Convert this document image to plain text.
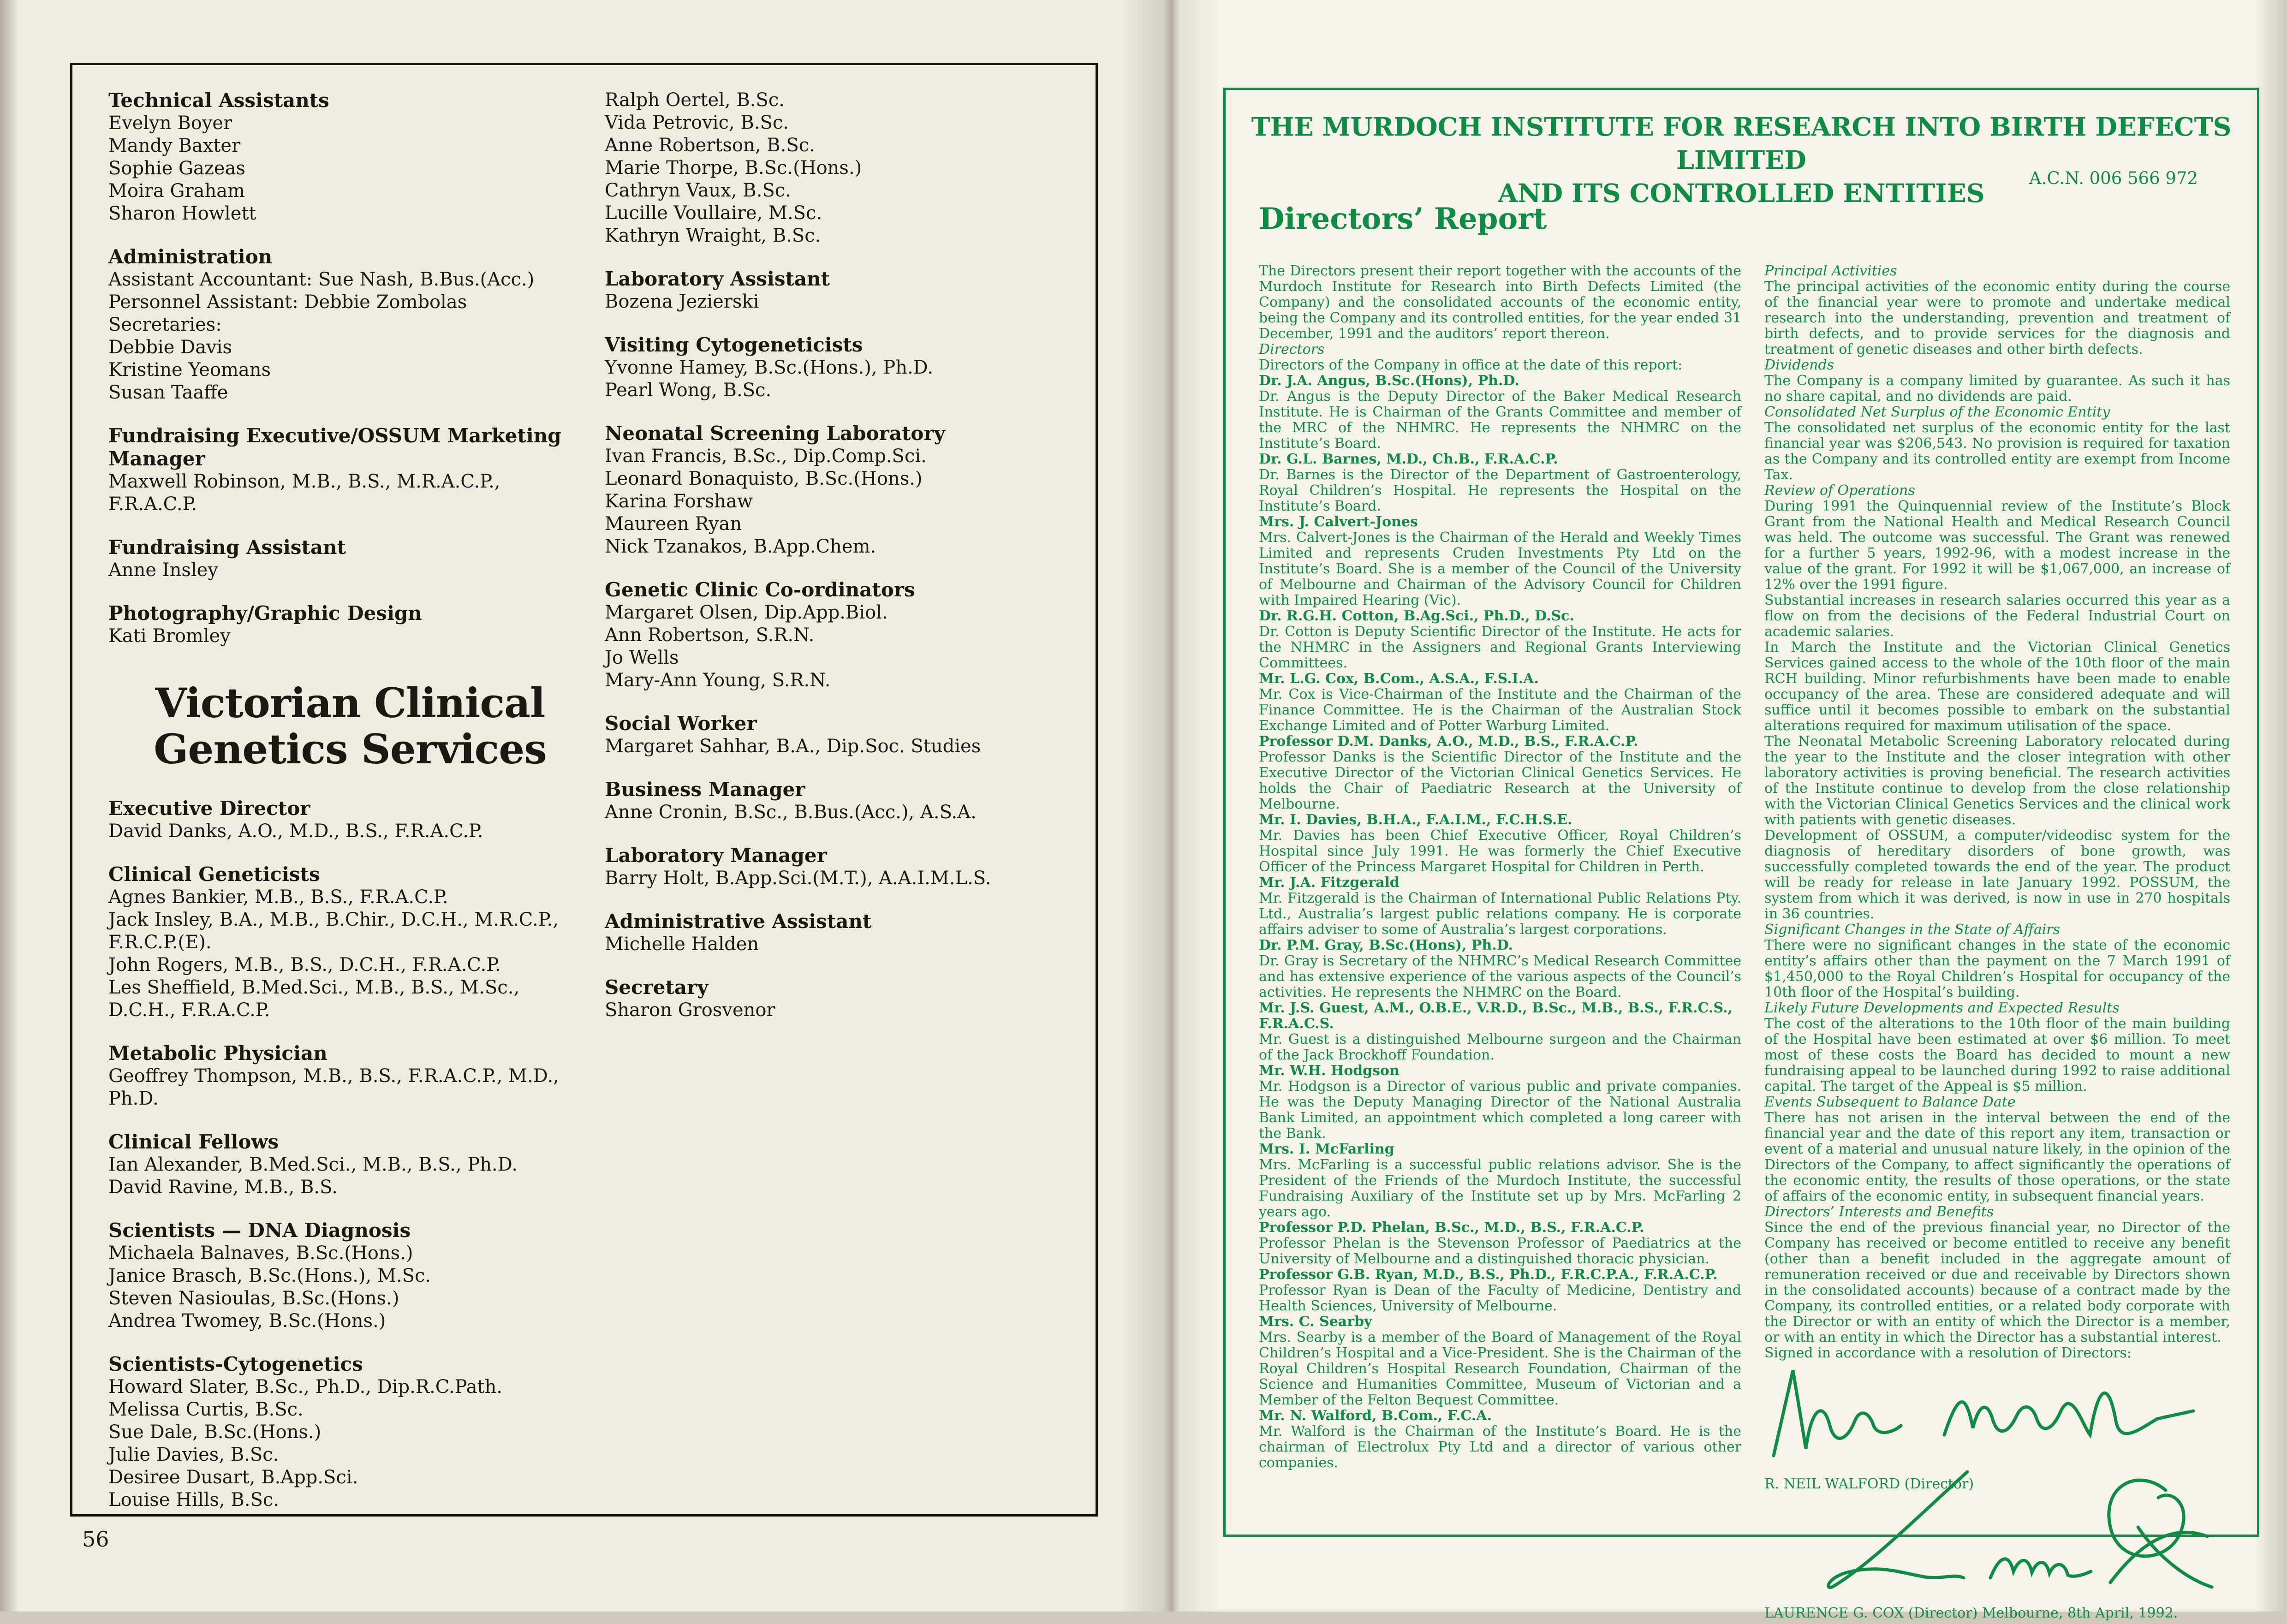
Technical Assistants
Evelyn Boyer
Mandy Baxter
Sophie Gazeas
Moira Graham
Sharon Howlett
Administration
Assistant Accountant: Sue Nash, B.Bus.(Acc.)
Personnel Assistant: Debbie Zombolas
Secretaries:
Debbie Davis
Kristine Yeomans
Susan Taaffe
Fundraising Executive/OSSUM Marketing Manager
Maxwell Robinson, M.B., B.S., M.R.A.C.P., F.R.A.C.P.
Fundraising Assistant
Anne Insley
Photography/Graphic Design
Kati Bromley
Victorian Clinical Genetics Services
Executive Director
David Danks, A.O., M.D., B.S., F.R.A.C.P.
Clinical Geneticists
Agnes Bankier, M.B., B.S., F.R.A.C.P.
Jack Insley, B.A., M.B., B.Chir., D.C.H., M.R.C.P., F.R.C.P.(E).
John Rogers, M.B., B.S., D.C.H., F.R.A.C.P.
Les Sheffield, B.Med.Sci., M.B., B.S., M.Sc., D.C.H., F.R.A.C.P.
Metabolic Physician
Geoffrey Thompson, M.B., B.S., F.R.A.C.P., M.D., Ph.D.
Clinical Fellows
Ian Alexander, B.Med.Sci., M.B., B.S., Ph.D.
David Ravine, M.B., B.S.
Scientists — DNA Diagnosis
Michaela Balnaves, B.Sc.(Hons.)
Janice Brasch, B.Sc.(Hons.), M.Sc.
Steven Nasioulas, B.Sc.(Hons.)
Andrea Twomey, B.Sc.(Hons.)
Scientists-Cytogenetics
Howard Slater, B.Sc., Ph.D., Dip.R.C.Path.
Melissa Curtis, B.Sc.
Sue Dale, B.Sc.(Hons.)
Julie Davies, B.Sc.
Desiree Dusart, B.App.Sci.
Louise Hills, B.Sc.
Ralph Oertel, B.Sc.
Vida Petrovic, B.Sc.
Anne Robertson, B.Sc.
Marie Thorpe, B.Sc.(Hons.)
Cathryn Vaux, B.Sc.
Lucille Voullaire, M.Sc.
Kathryn Wraight, B.Sc.
Laboratory Assistant
Bozena Jezierski
Visiting Cytogeneticists
Yvonne Hamey, B.Sc.(Hons.), Ph.D.
Pearl Wong, B.Sc.
Neonatal Screening Laboratory
Ivan Francis, B.Sc., Dip.Comp.Sci.
Leonard Bonaquisto, B.Sc.(Hons.)
Karina Forshaw
Maureen Ryan
Nick Tzanakos, B.App.Chem.
Genetic Clinic Co-ordinators
Margaret Olsen, Dip.App.Biol.
Ann Robertson, S.R.N.
Jo Wells
Mary-Ann Young, S.R.N.
Social Worker
Margaret Sahhar, B.A., Dip.Soc. Studies
Business Manager
Anne Cronin, B.Sc., B.Bus.(Acc.), A.S.A.
Laboratory Manager
Barry Holt, B.App.Sci.(M.T.), A.A.I.M.L.S.
Administrative Assistant
Michelle Halden
Secretary
Sharon Grosvenor
56
THE MURDOCH INSTITUTE FOR RESEARCH INTO BIRTH DEFECTS LIMITED
AND ITS CONTROLLED ENTITIES	A.C.N. 006 566 972
Directors’ Report
The Directors present their report together with the accounts of the Murdoch Institute for Research into Birth Defects Limited (the Company) and the consolidated accounts of the economic entity, being the Company and its controlled entities, for the year ended 31 December, 1991 and the auditors’ report thereon.
Directors
Directors of the Company in office at the date of this report:
Dr. J.A. Angus, B.Sc.(Hons), Ph.D.
Dr. Angus is the Deputy Director of the Baker Medical Research Institute. He is Chairman of the Grants Committee and member of the MRC of the NHMRC. He represents the NHMRC on the Institute’s Board.
Dr. G.L. Barnes, M.D., Ch.B., F.R.A.C.P.
Dr. Barnes is the Director of the Department of Gastroenterology, Royal Children’s Hospital. He represents the Hospital on the Institute’s Board.
Mrs. J. Calvert-Jones
Mrs. Calvert-Jones is the Chairman of the Herald and Weekly Times Limited and represents Cruden Investments Pty Ltd on the Institute’s Board. She is a member of the Council of the University of Melbourne and Chairman of the Advisory Council for Children with Impaired Hearing (Vic).
Dr. R.G.H. Cotton, B.Ag.Sci., Ph.D., D.Sc.
Dr. Cotton is Deputy Scientific Director of the Institute. He acts for the NHMRC in the Assigners and Regional Grants Interviewing Committees.
Mr. L.G. Cox, B.Com., A.S.A., F.S.I.A.
Mr. Cox is Vice-Chairman of the Institute and the Chairman of the Finance Committee. He is the Chairman of the Australian Stock Exchange Limited and of Potter Warburg Limited.
Professor D.M. Danks, A.O., M.D., B.S., F.R.A.C.P.
Professor Danks is the Scientific Director of the Institute and the Executive Director of the Victorian Clinical Genetics Services. He holds the Chair of Paediatric Research at the University of Melbourne.
Mr. I. Davies, B.H.A., F.A.I.M., F.C.H.S.E.
Mr. Davies has been Chief Executive Officer, Royal Children’s Hospital since July 1991. He was formerly the Chief Executive Officer of the Princess Margaret Hospital for Children in Perth.
Mr. J.A. Fitzgerald
Mr. Fitzgerald is the Chairman of International Public Relations Pty. Ltd., Australia’s largest public relations company. He is corporate affairs adviser to some of Australia’s largest corporations.
Dr. P.M. Gray, B.Sc.(Hons), Ph.D.
Dr. Gray is Secretary of the NHMRC’s Medical Research Committee and has extensive experience of the various aspects of the Council’s activities. He represents the NHMRC on the Board.
Mr. J.S. Guest, A.M., O.B.E., V.R.D., B.Sc., M.B., B.S., F.R.C.S., F.R.A.C.S.
Mr. Guest is a distinguished Melbourne surgeon and the Chairman of the Jack Brockhoff Foundation.
Mr. W.H. Hodgson
Mr. Hodgson is a Director of various public and private companies. He was the Deputy Managing Director of the National Australia Bank Limited, an appointment which completed a long career with the Bank.
Mrs. I. McFarling
Mrs. McFarling is a successful public relations advisor. She is the President of the Friends of the Murdoch Institute, the successful Fundraising Auxiliary of the Institute set up by Mrs. McFarling 2 years ago.
Professor P.D. Phelan, B.Sc., M.D., B.S., F.R.A.C.P.
Professor Phelan is the Stevenson Professor of Paediatrics at the University of Melbourne and a distinguished thoracic physician.
Professor G.B. Ryan, M.D., B.S., Ph.D., F.R.C.P.A., F.R.A.C.P.
Professor Ryan is Dean of the Faculty of Medicine, Dentistry and Health Sciences, University of Melbourne.
Mrs. C. Searby
Mrs. Searby is a member of the Board of Management of the Royal Children’s Hospital and a Vice-President. She is the Chairman of the Royal Children’s Hospital Research Foundation, Chairman of the Science and Humanities Committee, Museum of Victorian and a Member of the Felton Bequest Committee.
Mr. N. Walford, B.Com., F.C.A.
Mr. Walford is the Chairman of the Institute’s Board. He is the chairman of Electrolux Pty Ltd and a director of various other companies.
Principal Activities
The principal activities of the economic entity during the course of the financial year were to promote and undertake medical research into the understanding, prevention and treatment of birth defects, and to provide services for the diagnosis and treatment of genetic diseases and other birth defects.
Dividends
The Company is a company limited by guarantee. As such it has no share capital, and no dividends are paid.
Consolidated Net Surplus of the Economic Entity
The consolidated net surplus of the economic entity for the last financial year was $206,543. No provision is required for taxation as the Company and its controlled entity are exempt from Income Tax.
Review of Operations
During 1991 the Quinquennial review of the Institute’s Block Grant from the National Health and Medical Research Council was held. The outcome was successful. The Grant was renewed for a further 5 years, 1992-96, with a modest increase in the value of the grant. For 1992 it will be $1,067,000, an increase of 12% over the 1991 figure.
Substantial increases in research salaries occurred this year as a flow on from the decisions of the Federal Industrial Court on academic salaries.
In March the Institute and the Victorian Clinical Genetics Services gained access to the whole of the 10th floor of the main RCH building. Minor refurbishments have been made to enable occupancy of the area. These are considered adequate and will suffice until it becomes possible to embark on the substantial alterations required for maximum utilisation of the space.
The Neonatal Metabolic Screening Laboratory relocated during the year to the Institute and the closer integration with other laboratory activities is proving beneficial. The research activities of the Institute continue to develop from the close relationship with the Victorian Clinical Genetics Services and the clinical work with patients with genetic diseases.
Development of OSSUM, a computer/videodisc system for the diagnosis of hereditary disorders of bone growth, was successfully completed towards the end of the year. The product will be ready for release in late January 1992. POSSUM, the system from which it was derived, is now in use in 270 hospitals in 36 countries.
Significant Changes in the State of Affairs
There were no significant changes in the state of the economic entity’s affairs other than the payment on the 7 March 1991 of $1,450,000 to the Royal Children’s Hospital for occupancy of the 10th floor of the Hospital’s building.
Likely Future Developments and Expected Results
The cost of the alterations to the 10th floor of the main building of the Hospital have been estimated at over $6 million. To meet most of these costs the Board has decided to mount a new fundraising appeal to be launched during 1992 to raise additional capital. The target of the Appeal is $5 million.
Events Subsequent to Balance Date
There has not arisen in the interval between the end of the financial year and the date of this report any item, transaction or event of a material and unusual nature likely, in the opinion of the Directors of the Company, to affect significantly the operations of the economic entity, the results of those operations, or the state of affairs of the economic entity, in subsequent financial years.
Directors’ Interests and Benefits
Since the end of the previous financial year, no Director of the Company has received or become entitled to receive any benefit (other than a benefit included in the aggregate amount of remuneration received or due and receivable by Directors shown in the consolidated accounts) because of a contract made by the Company, its controlled entities, or a related body corporate with the Director or with an entity of which the Director is a member, or with an entity in which the Director has a substantial interest.
Signed in accordance with a resolution of Directors:
R. NEIL WALFORD (Director)
LAURENCE G. COX (Director) Melbourne, 8th April, 1992.
